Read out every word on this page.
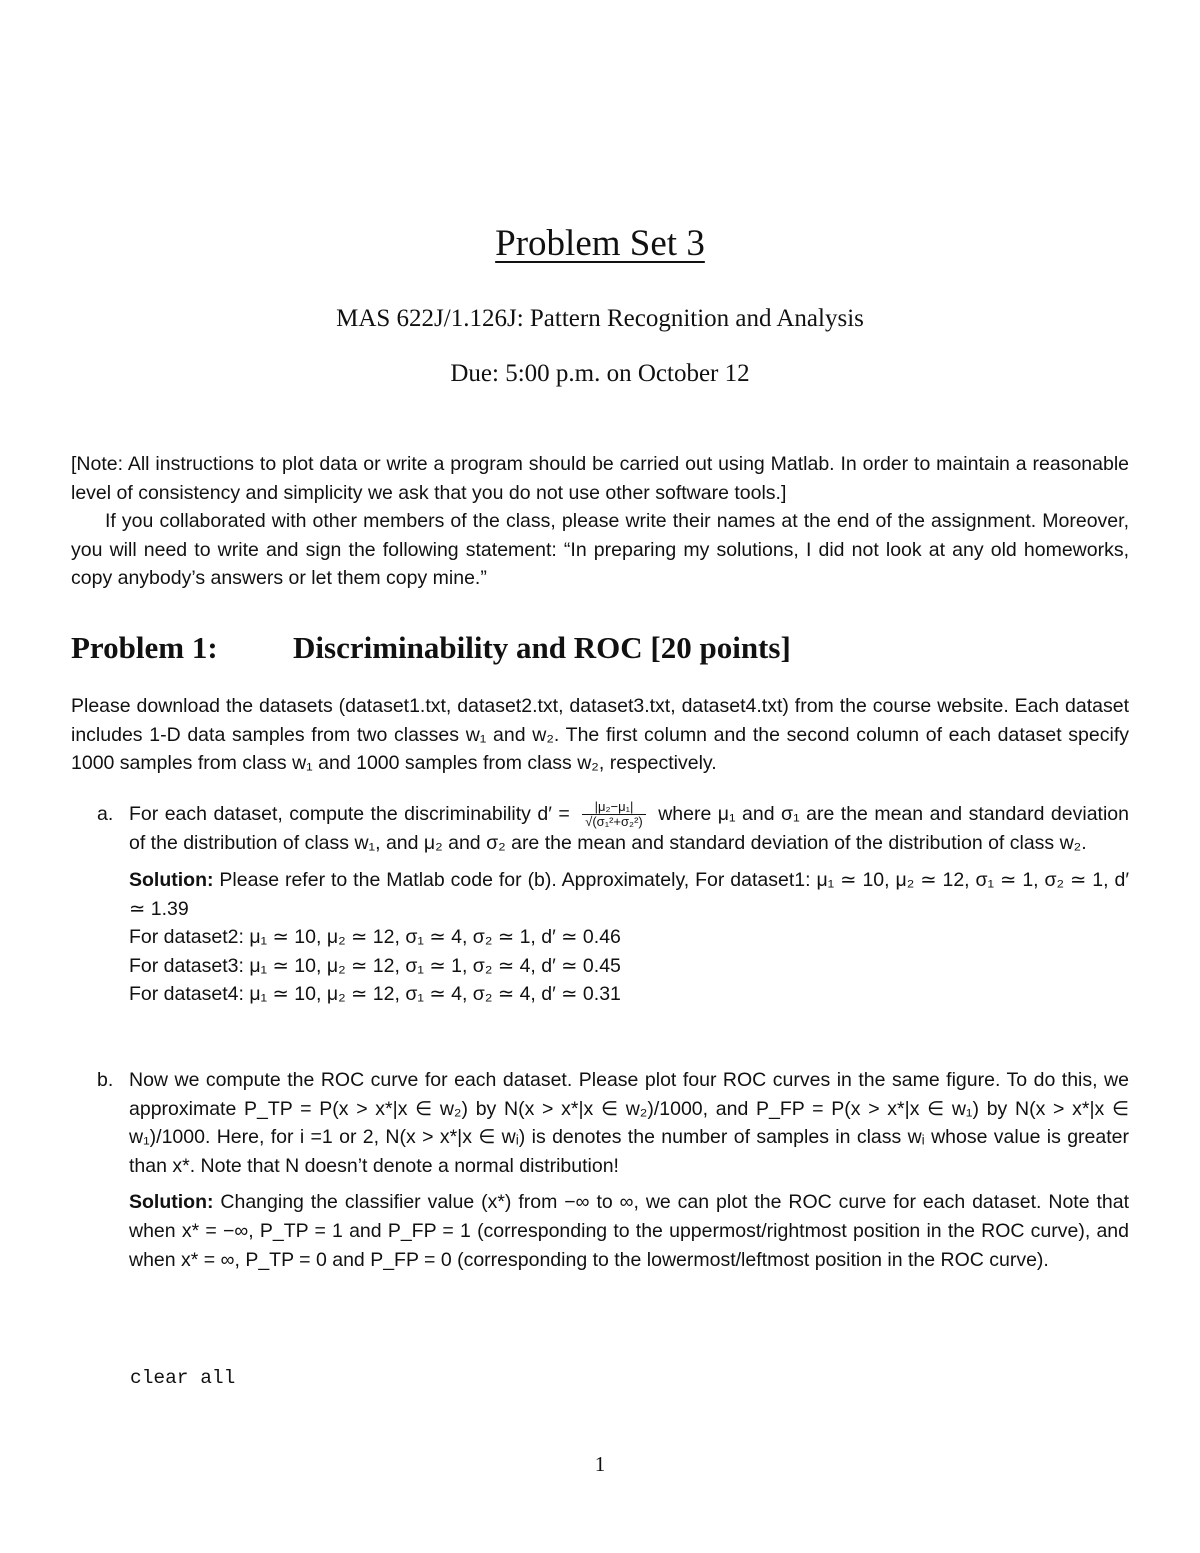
Problem Set 3
MAS 622J/1.126J: Pattern Recognition and Analysis
Due: 5:00 p.m. on October 12

[Note: All instructions to plot data or write a program should be carried out using Matlab. In order to maintain a reasonable level of consistency and simplicity we ask that you do not use other software tools.]

If you collaborated with other members of the class, please write their names at the end of the assignment. Moreover, you will need to write and sign the following statement: “In preparing my solutions, I did not look at any old homeworks, copy anybody’s answers or let them copy mine.”

Problem 1: Discriminability and ROC [20 points]
Please download the datasets (dataset1.txt, dataset2.txt, dataset3.txt, dataset4.txt) from the course website. Each dataset includes 1-D data samples from two classes w₁ and w₂. The first column and the second column of each dataset specify 1000 samples from class w₁ and 1000 samples from class w₂, respectively.
a. For each dataset, compute the discriminability $d' = \frac{\text{|μ₂−μ₁|}}{\text{√(σ₁²+σ₂²)}}$ where μ₁ and σ₁ are the mean and standard deviation of the distribution of class w₁, and μ₂ and σ₂ are the mean and standard deviation of the distribution of class w₂.

Solution: Please refer to the Matlab code for (b). Approximately, For dataset1: μ₁ ≃ 10, μ₂ ≃ 12, σ₁ ≃ 1, σ₂ ≃ 1, d′ ≃ 1.39

For dataset2: μ₁ ≃ 10, μ₂ ≃ 12, σ₁ ≃ 4, σ₂ ≃ 1, d′ ≃ 0.46

For dataset3: μ₁ ≃ 10, μ₂ ≃ 12, σ₁ ≃ 1, σ₂ ≃ 4, d′ ≃ 0.45

For dataset4: μ₁ ≃ 10, μ₂ ≃ 12, σ₁ ≃ 4, σ₂ ≃ 4, d′ ≃ 0.31

b. Now we compute the ROC curve for each dataset. Please plot four ROC curves in the same figure. To do this, we approximate P_TP = P(x > x*|x ∈ w₂) by N(x > x*|x ∈ w₂)/1000, and P_FP = P(x > x*|x ∈ w₁) by N(x > x*|x ∈ w₁)/1000. Here, for i =1 or 2, N(x > x*|x ∈ wᵢ) is denotes the number of samples in class wᵢ whose value is greater than x*. Note that N doesn’t denote a normal distribution!

Solution: Changing the classifier value (x*) from −∞ to ∞, we can plot the ROC curve for each dataset. Note that when x* = −∞, P_TP = 1 and P_FP = 1 (corresponding to the uppermost/rightmost position in the ROC curve), and when x* = ∞, P_TP = 0 and P_FP = 0 (corresponding to the lowermost/leftmost position in the ROC curve).

clear all
1
